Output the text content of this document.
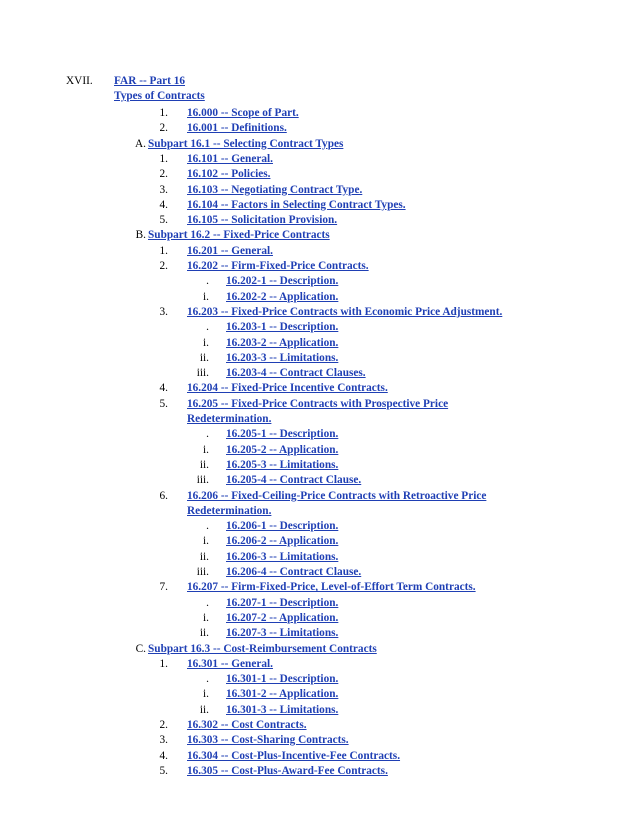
XVII. FAR -- Part 16
Types of Contracts
1. 16.000 -- Scope of Part.
2. 16.001 -- Definitions.
A. Subpart 16.1 -- Selecting Contract Types
1. 16.101 -- General.
2. 16.102 -- Policies.
3. 16.103 -- Negotiating Contract Type.
4. 16.104 -- Factors in Selecting Contract Types.
5. 16.105 -- Solicitation Provision.
B. Subpart 16.2 -- Fixed-Price Contracts
1. 16.201 -- General.
2. 16.202 -- Firm-Fixed-Price Contracts.
. 16.202-1 -- Description.
i. 16.202-2 -- Application.
3. 16.203 -- Fixed-Price Contracts with Economic Price Adjustment.
. 16.203-1 -- Description.
i. 16.203-2 -- Application.
ii. 16.203-3 -- Limitations.
iii. 16.203-4 -- Contract Clauses.
4. 16.204 -- Fixed-Price Incentive Contracts.
5. 16.205 -- Fixed-Price Contracts with Prospective Price
Redetermination.
. 16.205-1 -- Description.
i. 16.205-2 -- Application.
ii. 16.205-3 -- Limitations.
iii. 16.205-4 -- Contract Clause.
6. 16.206 -- Fixed-Ceiling-Price Contracts with Retroactive Price
Redetermination.
. 16.206-1 -- Description.
i. 16.206-2 -- Application.
ii. 16.206-3 -- Limitations.
iii. 16.206-4 -- Contract Clause.
7. 16.207 -- Firm-Fixed-Price, Level-of-Effort Term Contracts.
. 16.207-1 -- Description.
i. 16.207-2 -- Application.
ii. 16.207-3 -- Limitations.
C. Subpart 16.3 -- Cost-Reimbursement Contracts
1. 16.301 -- General.
. 16.301-1 -- Description.
i. 16.301-2 -- Application.
ii. 16.301-3 -- Limitations.
2. 16.302 -- Cost Contracts.
3. 16.303 -- Cost-Sharing Contracts.
4. 16.304 -- Cost-Plus-Incentive-Fee Contracts.
5. 16.305 -- Cost-Plus-Award-Fee Contracts.
